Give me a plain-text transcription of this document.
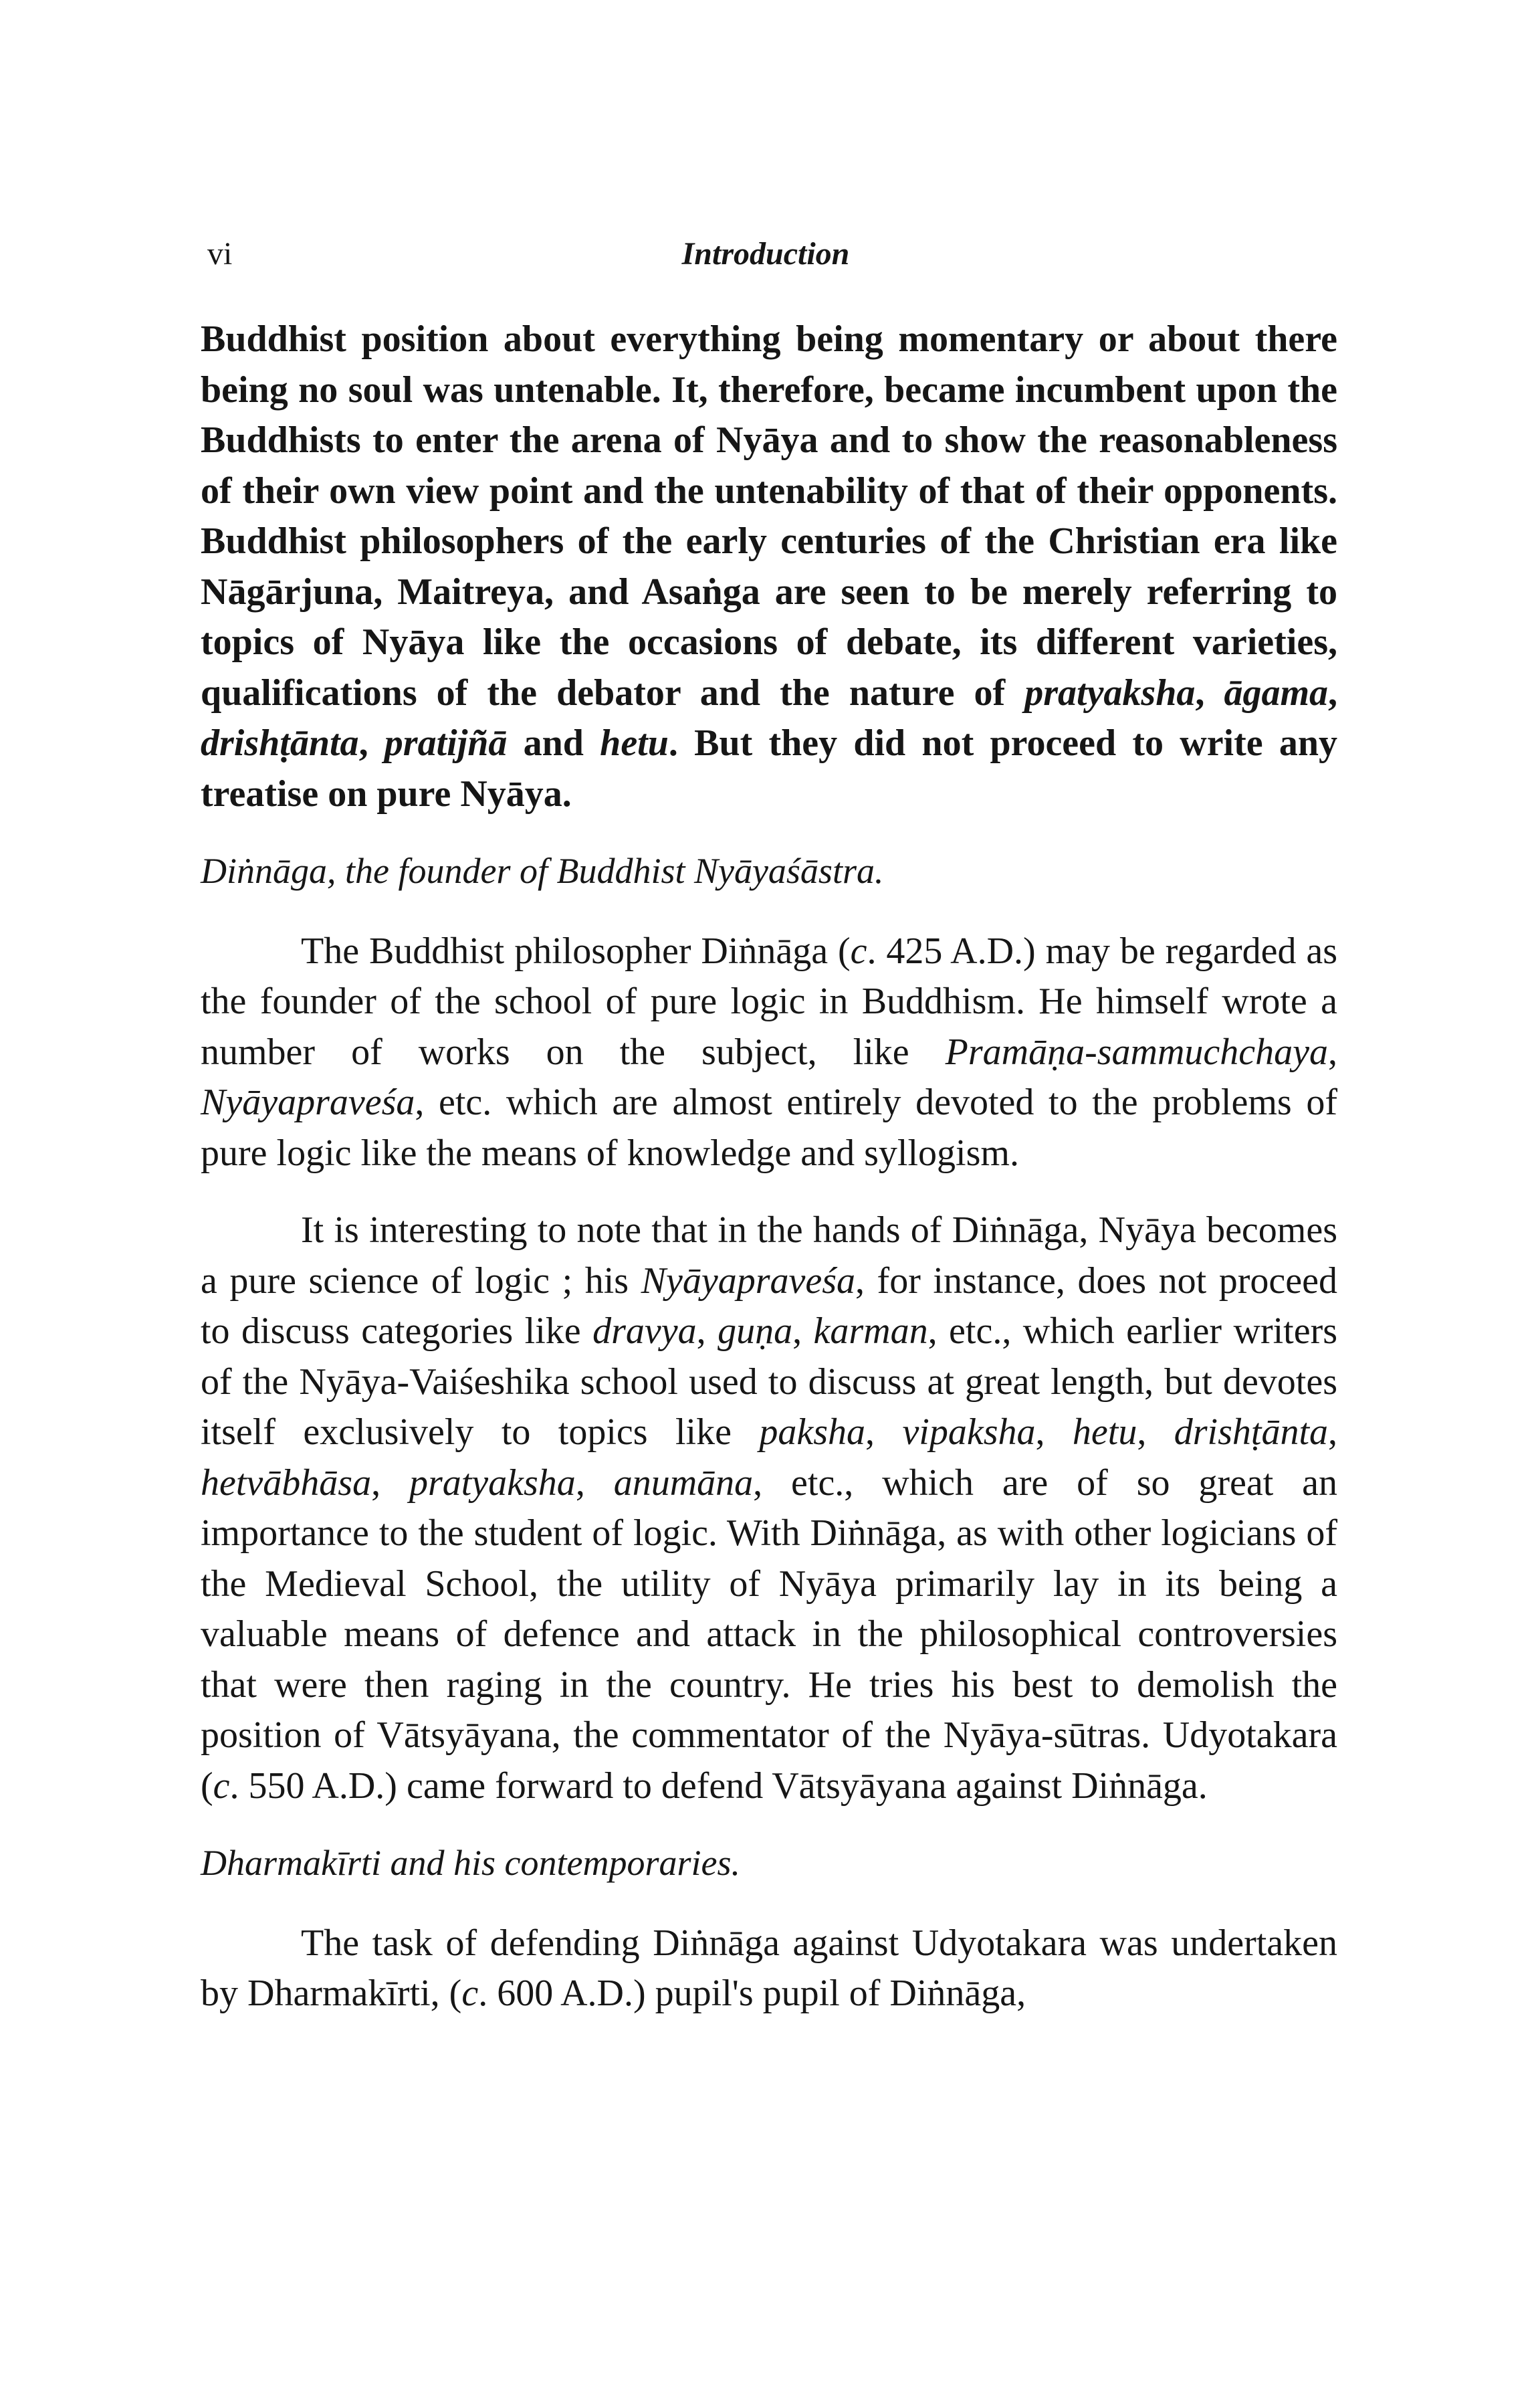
vi	Introduction

Buddhist position about everything being momentary or about there being no soul was untenable. It, therefore, became incumbent upon the Buddhists to enter the arena of Nyāya and to show the reasonableness of their own view point and the untenability of that of their opponents. Buddhist philosophers of the early centuries of the Christian era like Nāgārjuna, Maitreya, and Asaṅga are seen to be merely referring to topics of Nyāya like the occasions of debate, its different varieties, qualifications of the debator and the nature of pratyaksha, āgama, drishṭānta, pratijñā and hetu. But they did not proceed to write any treatise on pure Nyāya.

Diṅnāga, the founder of Buddhist Nyāyaśāstra.

The Buddhist philosopher Diṅnāga (c. 425 A.D.) may be regarded as the founder of the school of pure logic in Buddhism. He himself wrote a number of works on the subject, like Pramāṇa-sammuchchaya, Nyāyapraveśa, etc. which are almost entirely devoted to the problems of pure logic like the means of knowledge and syllogism.

It is interesting to note that in the hands of Diṅnāga, Nyāya becomes a pure science of logic ; his Nyāyapraveśa, for instance, does not proceed to discuss categories like dravya, guṇa, karman, etc., which earlier writers of the Nyāya-Vaiśeshika school used to discuss at great length, but devotes itself exclusively to topics like paksha, vipaksha, hetu, drishṭānta, hetvābhāsa, pratyaksha, anumāna, etc., which are of so great an importance to the student of logic. With Diṅnāga, as with other logicians of the Medieval School, the utility of Nyāya primarily lay in its being a valuable means of defence and attack in the philosophical controversies that were then raging in the country. He tries his best to demolish the position of Vātsyāyana, the commentator of the Nyāya-sūtras. Udyotakara (c. 550 A.D.) came forward to defend Vātsyāyana against Diṅnāga.

Dharmakīrti and his contemporaries.

The task of defending Diṅnāga against Udyotakara was undertaken by Dharmakīrti, (c. 600 A.D.) pupil's pupil of Diṅnāga,
